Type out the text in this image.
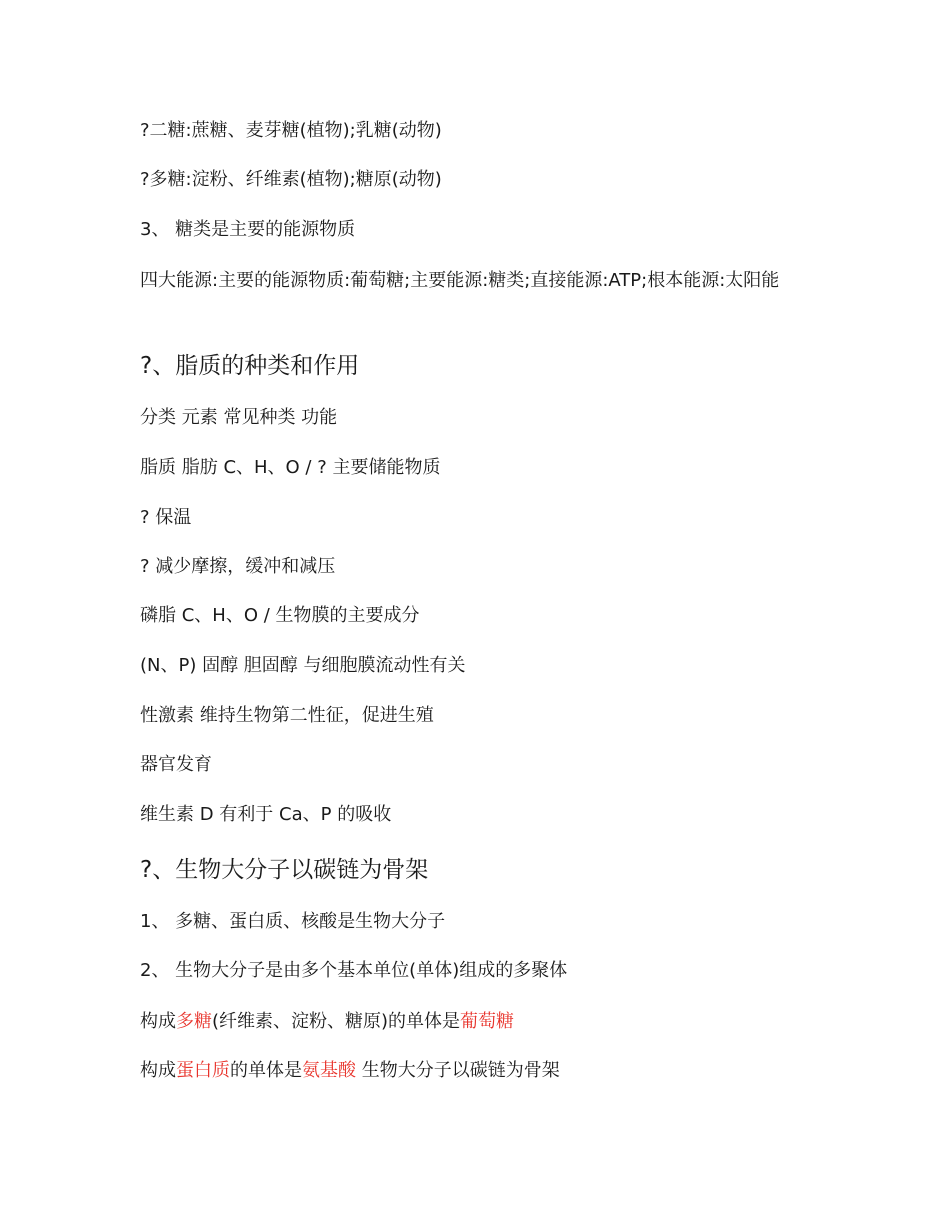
?二糖:蔗糖、麦芽糖(植物);乳糖(动物)
?多糖:淀粉、纤维素(植物);糖原(动物)
3、 糖类是主要的能源物质
四大能源:主要的能源物质:葡萄糖;主要能源:糖类;直接能源:ATP;根本能源:太阳能
?、脂质的种类和作用
分类 元素 常见种类 功能
脂质 脂肪 C、H、O / ? 主要储能物质
? 保温
? 减少摩擦，缓冲和减压
磷脂 C、H、O / 生物膜的主要成分
(N、P) 固醇 胆固醇 与细胞膜流动性有关
性激素 维持生物第二性征，促进生殖
器官发育
维生素 D 有利于 Ca、P 的吸收
?、生物大分子以碳链为骨架
1、 多糖、蛋白质、核酸是生物大分子
2、 生物大分子是由多个基本单位(单体)组成的多聚体
构成多糖(纤维素、淀粉、糖原)的单体是葡萄糖
构成蛋白质的单体是氨基酸 生物大分子以碳链为骨架
